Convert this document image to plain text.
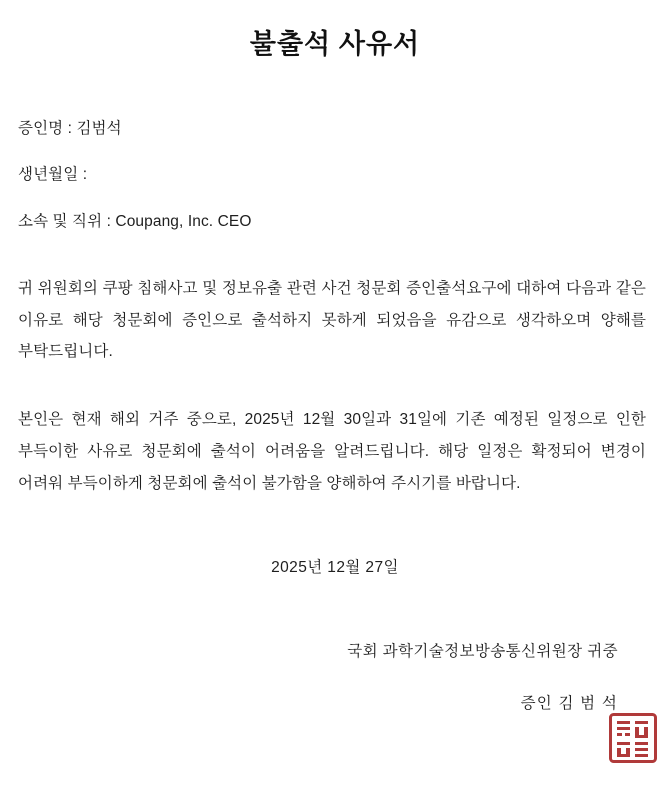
불출석 사유서
증인명 : 김범석
생년월일 :
소속 및 직위 : Coupang, Inc. CEO

귀 위원회의 쿠팡 침해사고 및 정보유출 관련 사건 청문회 증인출석요구에 대하여 다음과 같은 이유로 해당 청문회에 증인으로 출석하지 못하게 되었음을 유감으로 생각하오며 양해를 부탁드립니다.

본인은 현재 해외 거주 중으로, 2025년 12월 30일과 31일에 기존 예정된 일정으로 인한 부득이한 사유로 청문회에 출석이 어려움을 알려드립니다. 해당 일정은 확정되어 변경이 어려워 부득이하게 청문회에 출석이 불가함을 양해하여 주시기를 바랍니다.

2025년 12월 27일
국회 과학기술정보방송통신위원장 귀중
증인 김 범 석
